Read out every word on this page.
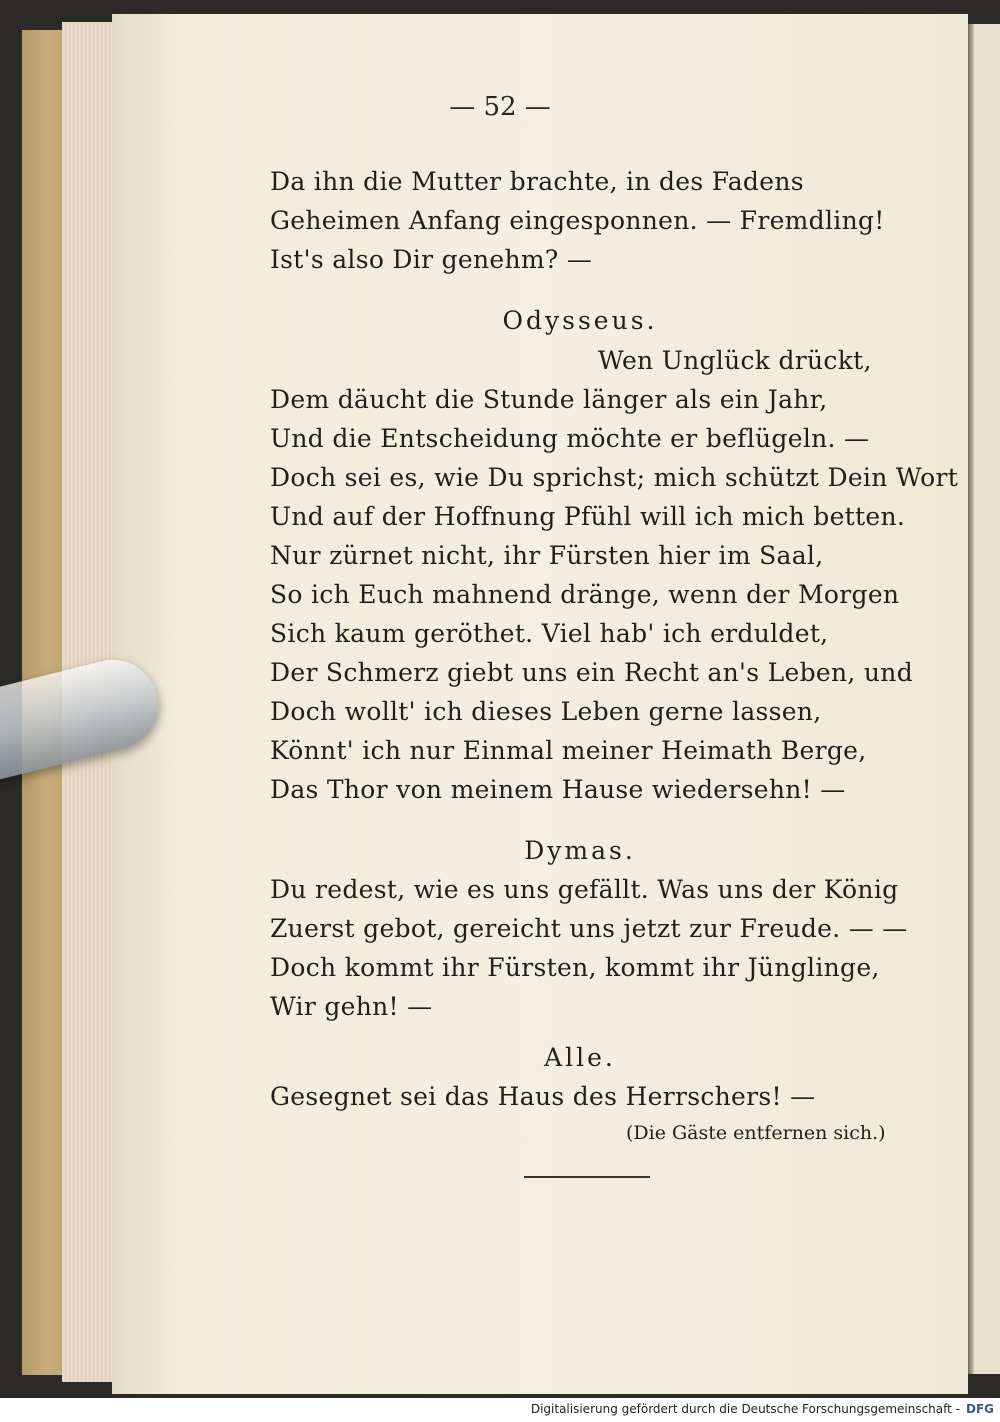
— 52 —
Da ihn die Mutter brachte, in des Fadens
Geheimen Anfang eingesponnen. — Fremdling!
Ist's also Dir genehm? —
Odysseus.
Wen Unglück drückt,
Dem däucht die Stunde länger als ein Jahr,
Und die Entscheidung möchte er beflügeln. —
Doch sei es, wie Du sprichst; mich schützt Dein Wort
Und auf der Hoffnung Pfühl will ich mich betten.
Nur zürnet nicht, ihr Fürsten hier im Saal,
So ich Euch mahnend dränge, wenn der Morgen
Sich kaum geröthet. Viel hab' ich erduldet,
Der Schmerz giebt uns ein Recht an's Leben, und
Doch wollt' ich dieses Leben gerne lassen,
Könnt' ich nur Einmal meiner Heimath Berge,
Das Thor von meinem Hause wiedersehn! —
Dymas.
Du redest, wie es uns gefällt. Was uns der König
Zuerst gebot, gereicht uns jetzt zur Freude. — —
Doch kommt ihr Fürsten, kommt ihr Jünglinge,
Wir gehn! —
Alle.
Gesegnet sei das Haus des Herrschers! —
(Die Gäste entfernen sich.)
Digitalisierung gefördert durch die Deutsche Forschungsgemeinschaft - DFG
